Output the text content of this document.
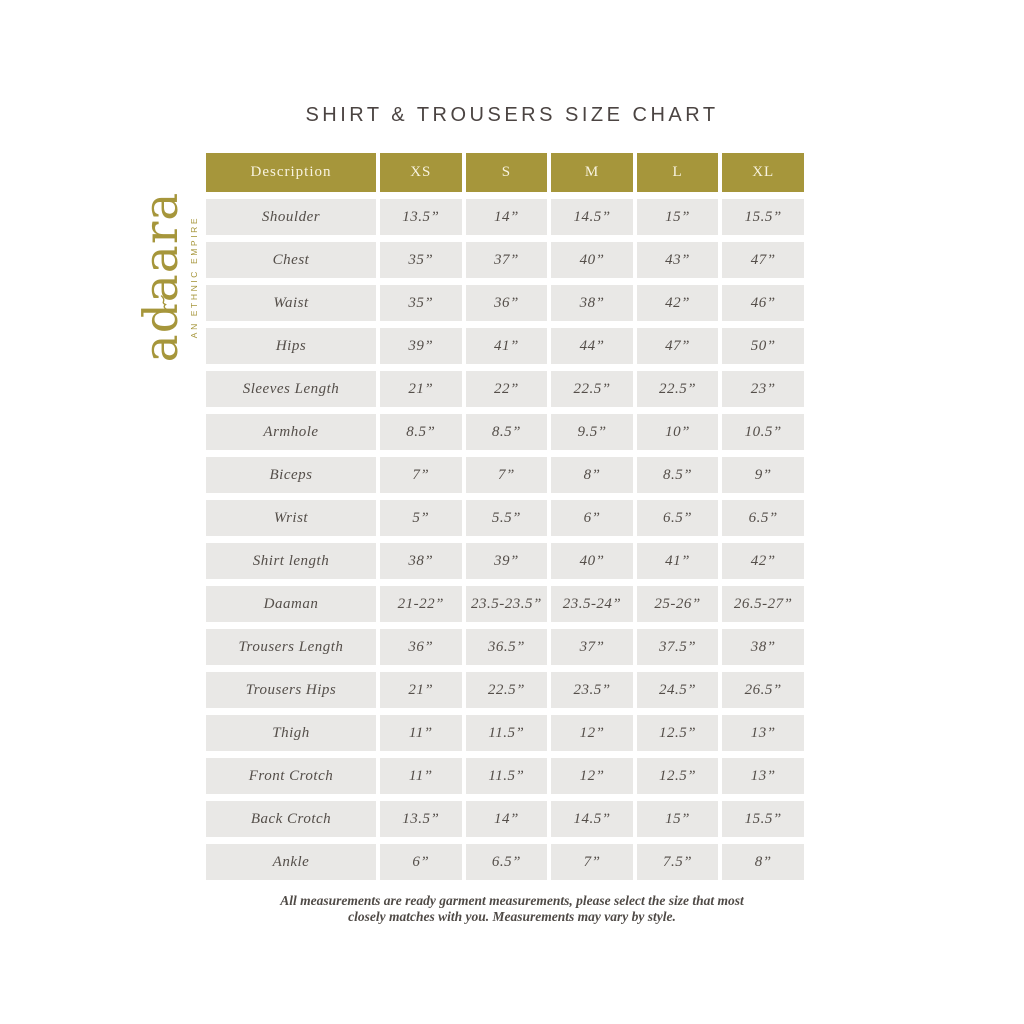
SHIRT & TROUSERS SIZE CHART
adaara AN ETHNIC EMPIRE
Description	XS	S	M	L	XL
Shoulder	13.5”	14”	14.5”	15”	15.5”
Chest	35”	37”	40”	43”	47”
Waist	35”	36”	38”	42”	46”
Hips	39”	41”	44”	47”	50”
Sleeves Length	21”	22”	22.5”	22.5”	23”
Armhole	8.5”	8.5”	9.5”	10”	10.5”
Biceps	7”	7”	8”	8.5”	9”
Wrist	5”	5.5”	6”	6.5”	6.5”
Shirt length	38”	39”	40”	41”	42”
Daaman	21-22”	23.5-23.5”	23.5-24”	25-26”	26.5-27”
Trousers Length	36”	36.5”	37”	37.5”	38”
Trousers Hips	21”	22.5”	23.5”	24.5”	26.5”
Thigh	11”	11.5”	12”	12.5”	13”
Front Crotch	11”	11.5”	12”	12.5”	13”
Back Crotch	13.5”	14”	14.5”	15”	15.5”
Ankle	6”	6.5”	7”	7.5”	8”
All measurements are ready garment measurements, please select the size that most
closely matches with you. Measurements may vary by style.
